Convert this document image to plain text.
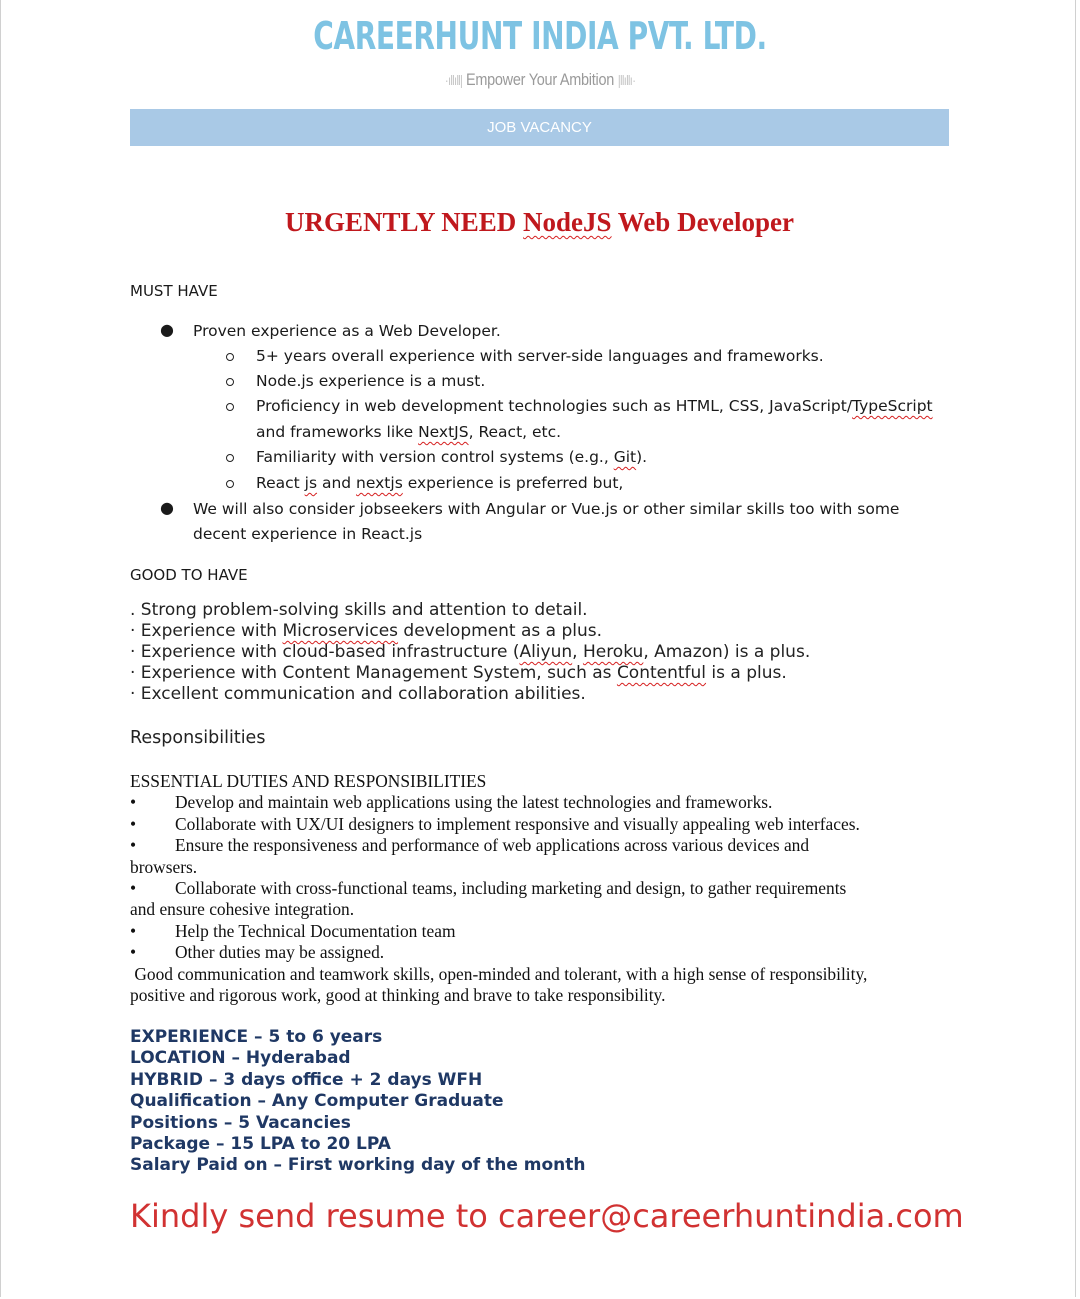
CAREERHUNT INDIA PVT. LTD.
·ıllıll| Empower Your Ambition |llıllı·
JOB VACANCY
URGENTLY NEED NodeJS Web Developer
MUST HAVE
● Proven experience as a Web Developer.
5+ years overall experience with server-side languages and frameworks.
Node.js experience is a must.
Proficiency in web development technologies such as HTML, CSS, JavaScript/TypeScript
and frameworks like NextJS, React, etc.
Familiarity with version control systems (e.g., Git).
React js and nextjs experience is preferred but,
● We will also consider jobseekers with Angular or Vue.js or other similar skills too with some
decent experience in React.js
GOOD TO HAVE
. Strong problem-solving skills and attention to detail.
· Experience with Microservices development as a plus.
· Experience with cloud-based infrastructure (Aliyun, Heroku, Amazon) is a plus.
· Experience with Content Management System, such as Contentful is a plus.
· Excellent communication and collaboration abilities.
Responsibilities
ESSENTIAL DUTIES AND RESPONSIBILITIES
• Develop and maintain web applications using the latest technologies and frameworks.
• Collaborate with UX/UI designers to implement responsive and visually appealing web interfaces.
• Ensure the responsiveness and performance of web applications across various devices and
browsers.
• Collaborate with cross-functional teams, including marketing and design, to gather requirements
and ensure cohesive integration.
• Help the Technical Documentation team
• Other duties may be assigned.
Good communication and teamwork skills, open-minded and tolerant, with a high sense of responsibility,
positive and rigorous work, good at thinking and brave to take responsibility.
EXPERIENCE – 5 to 6 years
LOCATION – Hyderabad
HYBRID – 3 days office + 2 days WFH
Qualification – Any Computer Graduate
Positions – 5 Vacancies
Package – 15 LPA to 20 LPA
Salary Paid on – First working day of the month
Kindly send resume to career@careerhuntindia.com
